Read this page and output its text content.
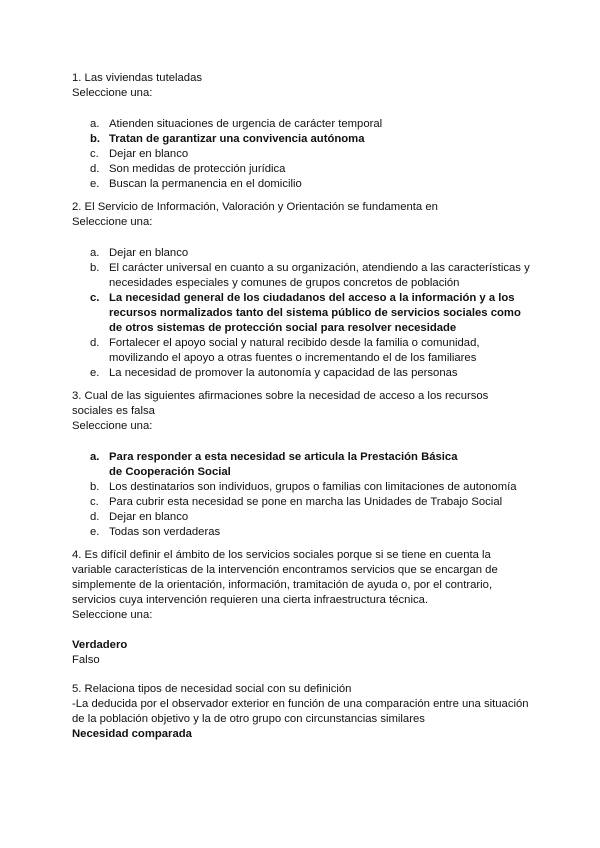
1. Las viviendas tuteladas
Seleccione una:
a. Atienden situaciones de urgencia de carácter temporal
b. Tratan de garantizar una convivencia autónoma
c. Dejar en blanco
d. Son medidas de protección jurídica
e. Buscan la permanencia en el domicilio
2. El Servicio de Información, Valoración y Orientación se fundamenta en
Seleccione una:
a. Dejar en blanco
b. El carácter universal en cuanto a su organización, atendiendo a las características y necesidades especiales y comunes de grupos concretos de población
c. La necesidad general de los ciudadanos del acceso a la información y a los recursos normalizados tanto del sistema público de servicios sociales como de otros sistemas de protección social para resolver necesidade
d. Fortalecer el apoyo social y natural recibido desde la familia o comunidad, movilizando el apoyo a otras fuentes o incrementando el de los familiares
e. La necesidad de promover la autonomía y capacidad de las personas
3. Cual de las siguientes afirmaciones sobre la necesidad de acceso a los recursos sociales es falsa
Seleccione una:
a. Para responder a esta necesidad se articula la Prestación Básica de Cooperación Social
b. Los destinatarios son individuos, grupos o familias con limitaciones de autonomía
c. Para cubrir esta necesidad se pone en marcha las Unidades de Trabajo Social
d. Dejar en blanco
e. Todas son verdaderas
4. Es difícil definir el ámbito de los servicios sociales porque si se tiene en cuenta la variable características de la intervención encontramos servicios que se encargan de simplemente de la orientación, información, tramitación de ayuda o, por el contrario, servicios cuya intervención requieren una cierta infraestructura técnica.
Seleccione una:
Verdadero
Falso
5. Relaciona tipos de necesidad social con su definición
-La deducida por el observador exterior en función de una comparación entre una situación de la población objetivo y la de otro grupo con circunstancias similares
Necesidad comparada
